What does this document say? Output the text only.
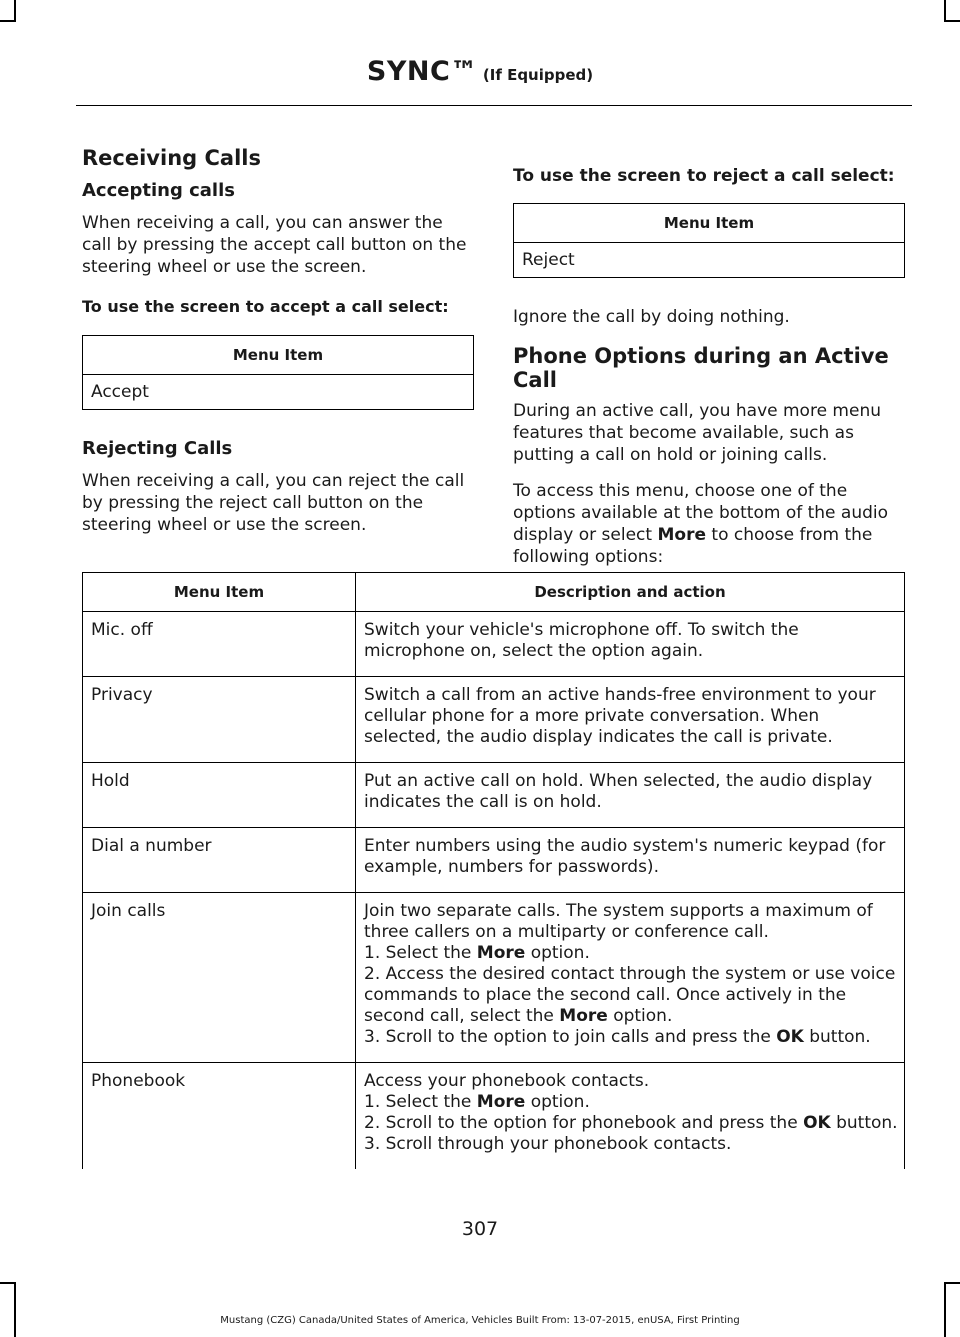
SYNC™ (If Equipped)
Receiving Calls
Accepting calls

When receiving a call, you can answer the call by pressing the accept call button on the steering wheel or use the screen.

To use the screen to accept a call select:
Menu Item
Accept
Rejecting Calls

When receiving a call, you can reject the call by pressing the reject call button on the steering wheel or use the screen.

To use the screen to reject a call select:
Menu Item
Reject

Ignore the call by doing nothing.

Phone Options during an Active Call

During an active call, you have more menu features that become available, such as putting a call on hold or joining calls.

To access this menu, choose one of the options available at the bottom of the audio display or select More to choose from the following options:

Menu Item	Description and action
Mic. off	Switch your vehicle's microphone off. To switch the microphone on, select the option again.

Privacy	Switch a call from an active hands-free environment to your cellular phone for a more private conversation. When selected, the audio display indicates the call is private.

Hold	Put an active call on hold. When selected, the audio display indicates the call is on hold.

Dial a number	Enter numbers using the audio system's numeric keypad (for example, numbers for passwords).

Join calls	Join two separate calls. The system supports a maximum of three callers on a multiparty or conference call.
1. Select the More option.
2. Access the desired contact through the system or use voice commands to place the second call. Once actively in the second call, select the More option.
3. Scroll to the option to join calls and press the OK button.

Phonebook	Access your phonebook contacts.
1. Select the More option.
2. Scroll to the option for phonebook and press the OK button.
3. Scroll through your phonebook contacts.
307
Mustang (CZG) Canada/United States of America, Vehicles Built From: 13-07-2015, enUSA, First Printing
